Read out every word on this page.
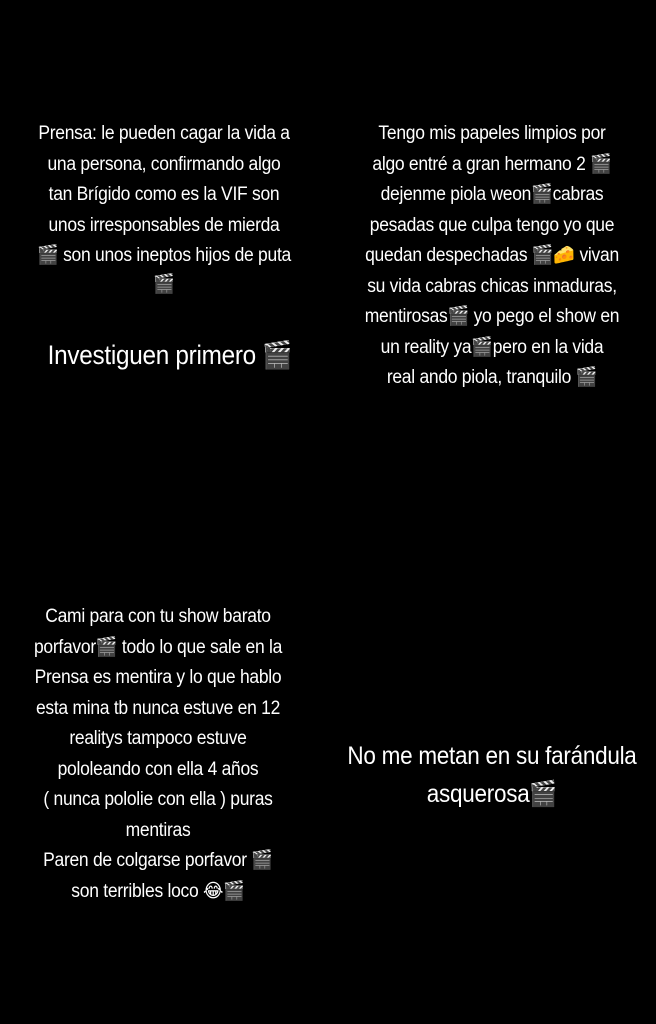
Prensa: le pueden cagar la vida a
una persona, confirmando algo
tan Brígido como es la VIF son
unos irresponsables de mierda
🎬 son unos ineptos hijos de puta
🎬
Investiguen primero 🎬
Tengo mis papeles limpios por
algo entré a gran hermano 2 🎬
dejenme piola weon🎬cabras
pesadas que culpa tengo yo que
quedan despechadas 🎬🧀 vivan
su vida cabras chicas inmaduras,
mentirosas🎬 yo pego el show en
un reality ya🎬pero en la vida
real ando piola, tranquilo 🎬
Cami para con tu show barato
porfavor🎬 todo lo que sale en la
Prensa es mentira y lo que hablo
esta mina tb nunca estuve en 12
realitys tampoco estuve
pololeando con ella 4 años
( nunca pololie con ella ) puras
mentiras
Paren de colgarse porfavor 🎬
son terribles loco 😂🎬
No me metan en su farándula
asquerosa🎬
